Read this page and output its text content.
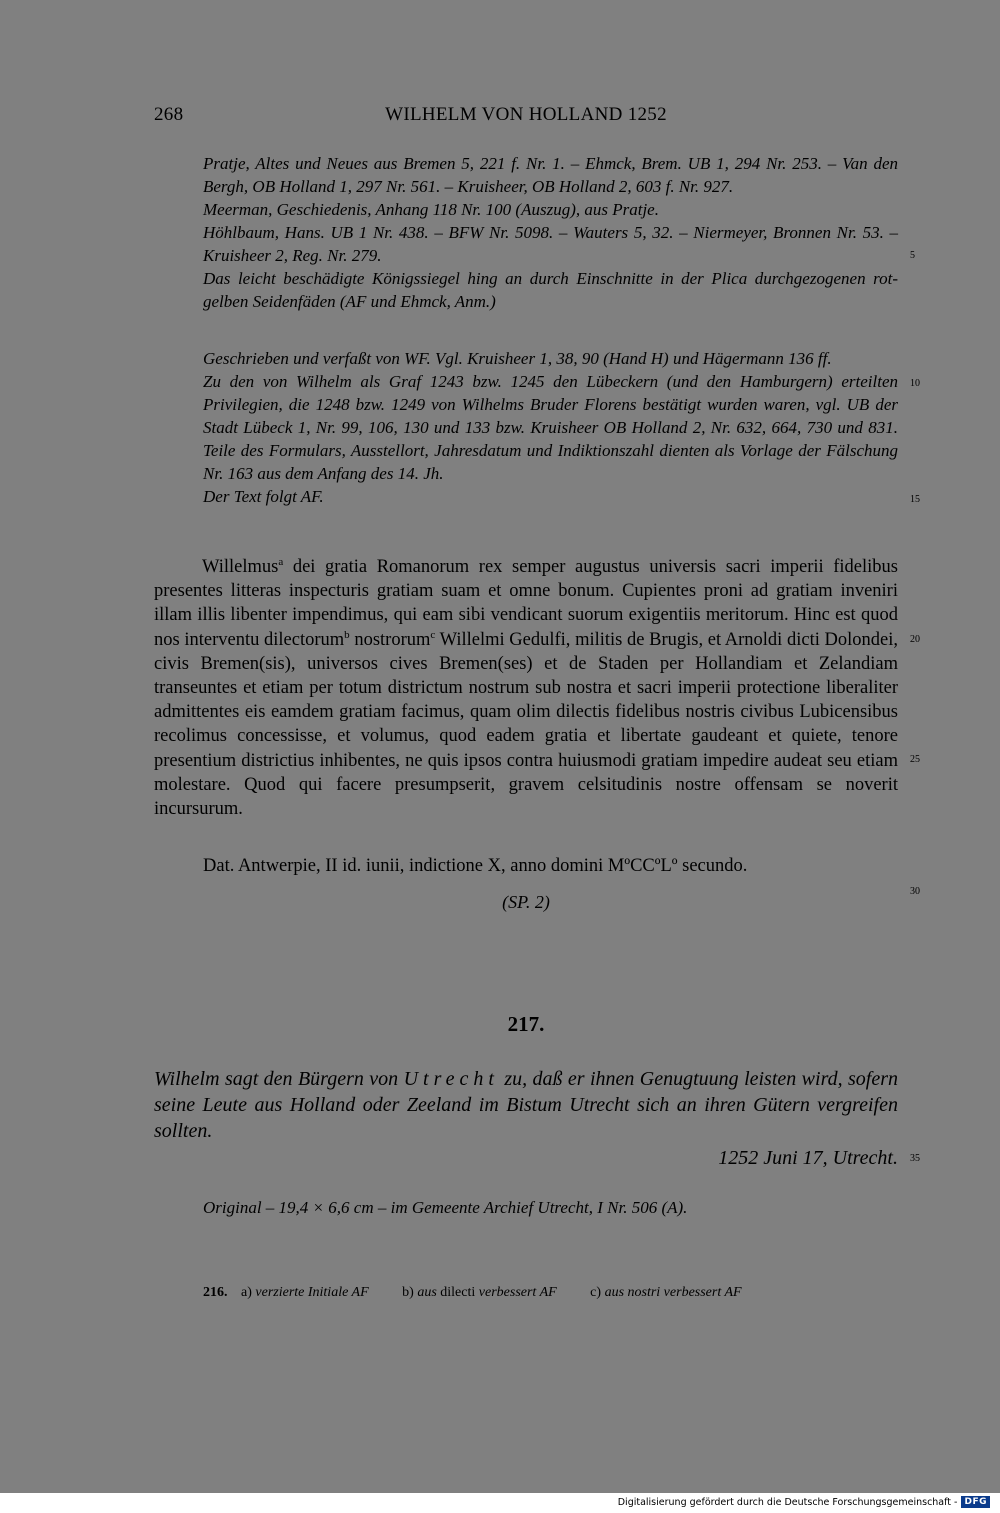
268	WILHELM VON HOLLAND 1252

Pratje, Altes und Neues aus Bremen 5, 221 f. Nr. 1. – Ehmck, Brem. UB 1, 294 Nr. 253. – Van den Bergh, OB Holland 1, 297 Nr. 561. – Kruisheer, OB Holland 2, 603 f. Nr. 927.

Meerman, Geschiedenis, Anhang 118 Nr. 100 (Auszug), aus Pratje.

Höhlbaum, Hans. UB 1 Nr. 438. – BFW Nr. 5098. – Wauters 5, 32. – Niermeyer, Bronnen Nr. 53. – Kruisheer 2, Reg. Nr. 279.

Das leicht beschädigte Königssiegel hing an durch Einschnitte in der Plica durchgezogenen rot-gelben Seidenfäden (AF und Ehmck, Anm.)

Geschrieben und verfaßt von WF. Vgl. Kruisheer 1, 38, 90 (Hand H) und Hägermann 136 ff.

Zu den von Wilhelm als Graf 1243 bzw. 1245 den Lübeckern (und den Hamburgern) erteilten Privilegien, die 1248 bzw. 1249 von Wilhelms Bruder Florens bestätigt wurden waren, vgl. UB der Stadt Lübeck 1, Nr. 99, 106, 130 und 133 bzw. Kruisheer OB Holland 2, Nr. 632, 664, 730 und 831. Teile des Formulars, Ausstellort, Jahresdatum und Indiktionszahl dienten als Vorlage der Fälschung Nr. 163 aus dem Anfang des 14. Jh.

Der Text folgt AF.

5
10
15
20
25
30
35

Willelmus$^a$ dei gratia Romanorum rex semper augustus universis sacri imperii fidelibus presentes litteras inspecturis gratiam suam et omne bonum. Cupientes proni ad gratiam inveniri illam illis libenter impendimus, qui eam sibi vendicant suorum exigentiis meritorum. Hinc est quod nos interventu dilectorum$^b$ nostrorum$^c$ Willelmi Gedulfi, militis de Brugis, et Arnoldi dicti Dolondei, civis Bremen(sis), universos cives Bremen(ses) et de Staden per Hollandiam et Zelandiam transeuntes et etiam per totum districtum nostrum sub nostra et sacri imperii protectione liberaliter admittentes eis eamdem gratiam facimus, quam olim dilectis fidelibus nostris civibus Lubicensibus recolimus concessisse, et volumus, quod eadem gratia et libertate gaudeant et quiete, tenore presentium districtius inhibentes, ne quis ipsos contra huiusmodi gratiam impedire audeat seu etiam molestare. Quod qui facere presumpserit, gravem celsitudinis nostre offensam se noverit incursurum.

Dat. Antwerpie, II id. iunii, indictione X, anno domini MºCCºLº secundo.
(SP. 2)
217.

Wilhelm sagt den Bürgern von Utrecht zu, daß er ihnen Genugtuung leisten wird, sofern seine Leute aus Holland oder Zeeland im Bistum Utrecht sich an ihren Gütern vergreifen sollten.

1252 Juni 17, Utrecht.
Original – 19,4 × 6,6 cm – im Gemeente Archief Utrecht, I Nr. 506 (A).
216. a) verzierte Initiale AF b) aus dilecti verbessert AF c) aus nostri verbessert AF
Digitalisierung gefördert durch die Deutsche Forschungsgemeinschaft - DFG
